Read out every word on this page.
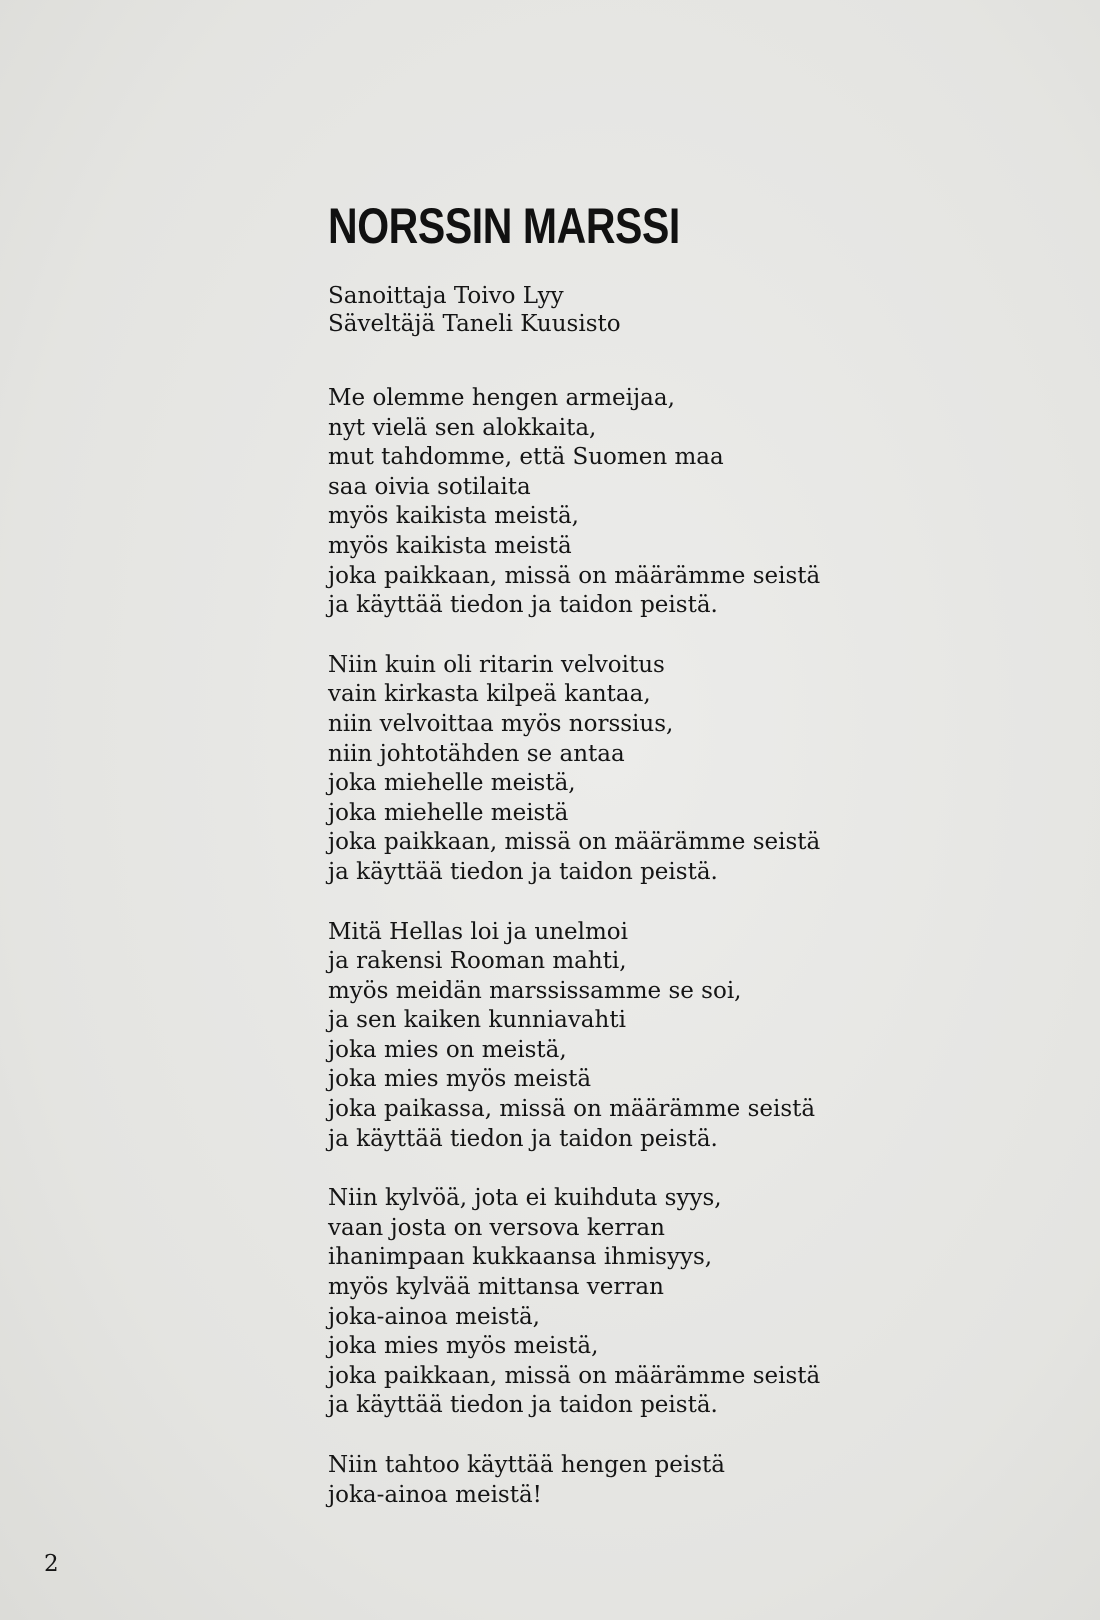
NORSSIN MARSSI
Sanoittaja Toivo Lyy
Säveltäjä Taneli Kuusisto
Me olemme hengen armeijaa,
nyt vielä sen alokkaita,
mut tahdomme, että Suomen maa
saa oivia sotilaita
myös kaikista meistä,
myös kaikista meistä
joka paikkaan, missä on määrämme seistä
ja käyttää tiedon ja taidon peistä.
Niin kuin oli ritarin velvoitus
vain kirkasta kilpeä kantaa,
niin velvoittaa myös norssius,
niin johtotähden se antaa
joka miehelle meistä,
joka miehelle meistä
joka paikkaan, missä on määrämme seistä
ja käyttää tiedon ja taidon peistä.
Mitä Hellas loi ja unelmoi
ja rakensi Rooman mahti,
myös meidän marssissamme se soi,
ja sen kaiken kunniavahti
joka mies on meistä,
joka mies myös meistä
joka paikassa, missä on määrämme seistä
ja käyttää tiedon ja taidon peistä.
Niin kylvöä, jota ei kuihduta syys,
vaan josta on versova kerran
ihanimpaan kukkaansa ihmisyys,
myös kylvää mittansa verran
joka-ainoa meistä,
joka mies myös meistä,
joka paikkaan, missä on määrämme seistä
ja käyttää tiedon ja taidon peistä.
Niin tahtoo käyttää hengen peistä
joka-ainoa meistä!
2
